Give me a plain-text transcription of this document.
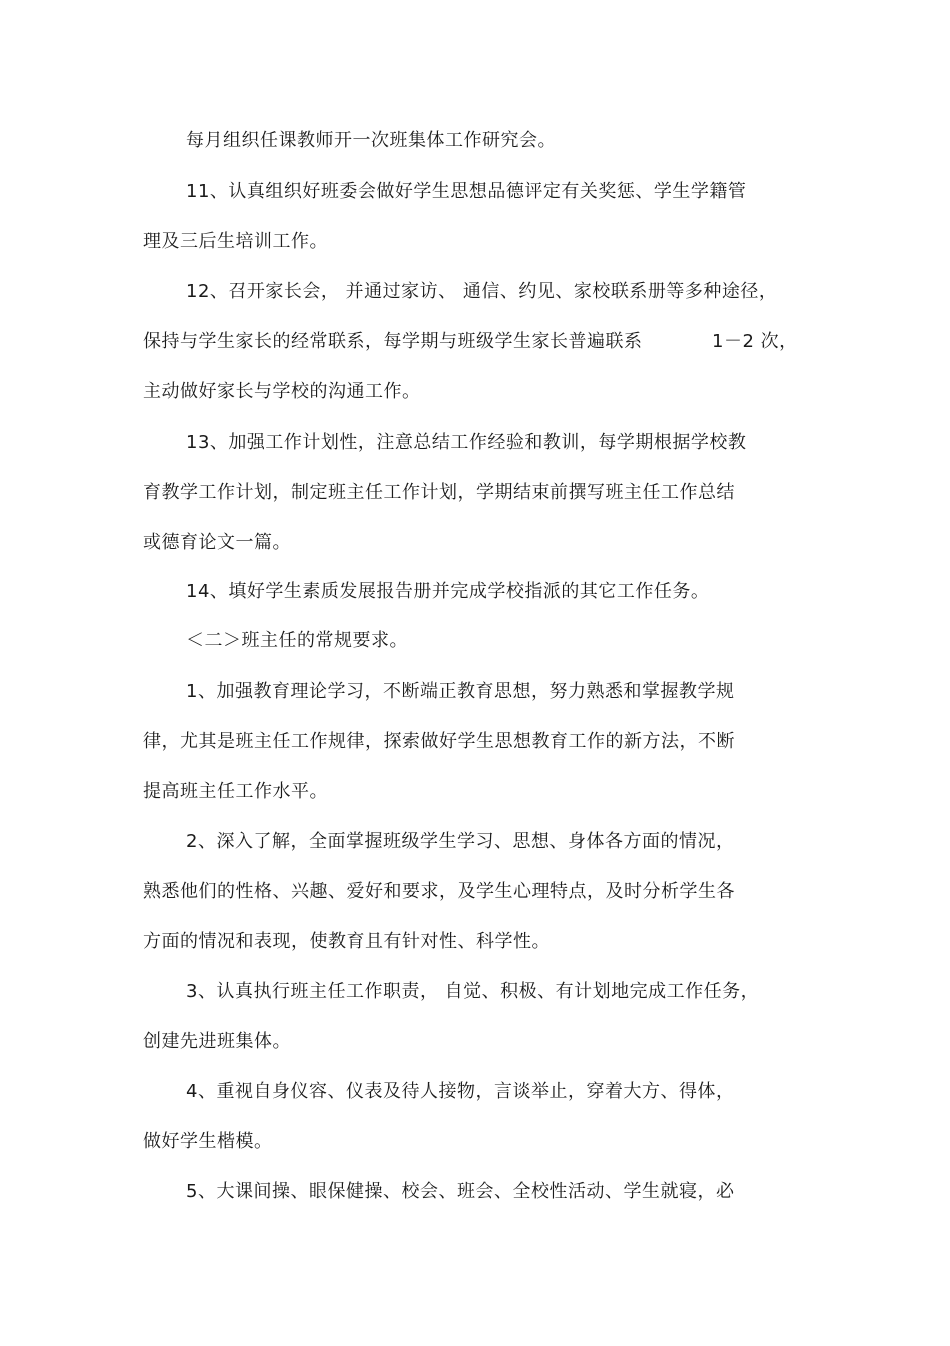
每月组织任课教师开一次班集体工作研究会。
11、认真组织好班委会做好学生思想品德评定有关奖惩、学生学籍管
理及三后生培训工作。
12、召开家长会， 并通过家访、 通信、约见、家校联系册等多种途径，
保持与学生家长的经常联系，每学期与班级学生家长普遍联系	1－2 次，
主动做好家长与学校的沟通工作。
13、加强工作计划性，注意总结工作经验和教训，每学期根据学校教
育教学工作计划，制定班主任工作计划，学期结束前撰写班主任工作总结
或德育论文一篇。
14、填好学生素质发展报告册并完成学校指派的其它工作任务。
＜二＞班主任的常规要求。
1、加强教育理论学习，不断端正教育思想，努力熟悉和掌握教学规
律，尤其是班主任工作规律，探索做好学生思想教育工作的新方法，不断
提高班主任工作水平。
2、深入了解，全面掌握班级学生学习、思想、身体各方面的情况，
熟悉他们的性格、兴趣、爱好和要求，及学生心理特点，及时分析学生各
方面的情况和表现，使教育且有针对性、科学性。
3、认真执行班主任工作职责， 自觉、积极、有计划地完成工作任务，
创建先进班集体。
4、重视自身仪容、仪表及待人接物，言谈举止，穿着大方、得体，
做好学生楷模。
5、大课间操、眼保健操、校会、班会、全校性活动、学生就寝，必
